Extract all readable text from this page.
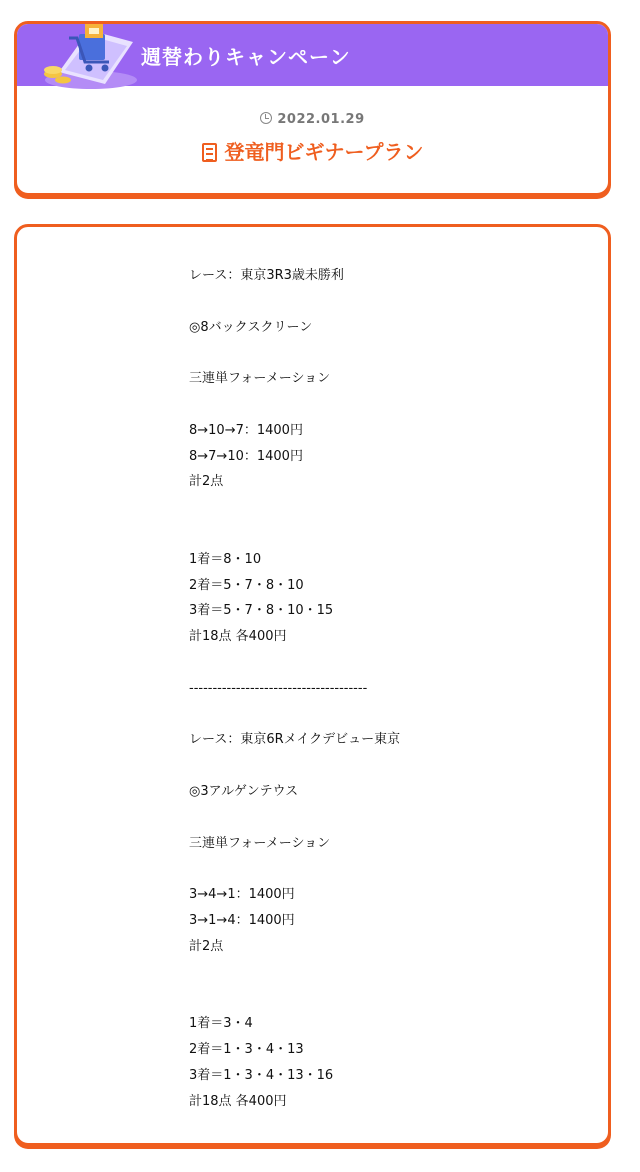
週替わりキャンペーン
2022.01.29
登竜門ビギナープラン
レース：東京3R3歳未勝利
◎8バックスクリーン
三連単フォーメーション
8→10→7：1400円
8→7→10：1400円
計2点
1着＝8・10
2着＝5・7・8・10
3着＝5・7・8・10・15
計18点 各400円
--------------------------------------
レース：東京6Rメイクデビュー東京
◎3アルゲンテウス
三連単フォーメーション
3→4→1：1400円
3→1→4：1400円
計2点
1着＝3・4
2着＝1・3・4・13
3着＝1・3・4・13・16
計18点 各400円
